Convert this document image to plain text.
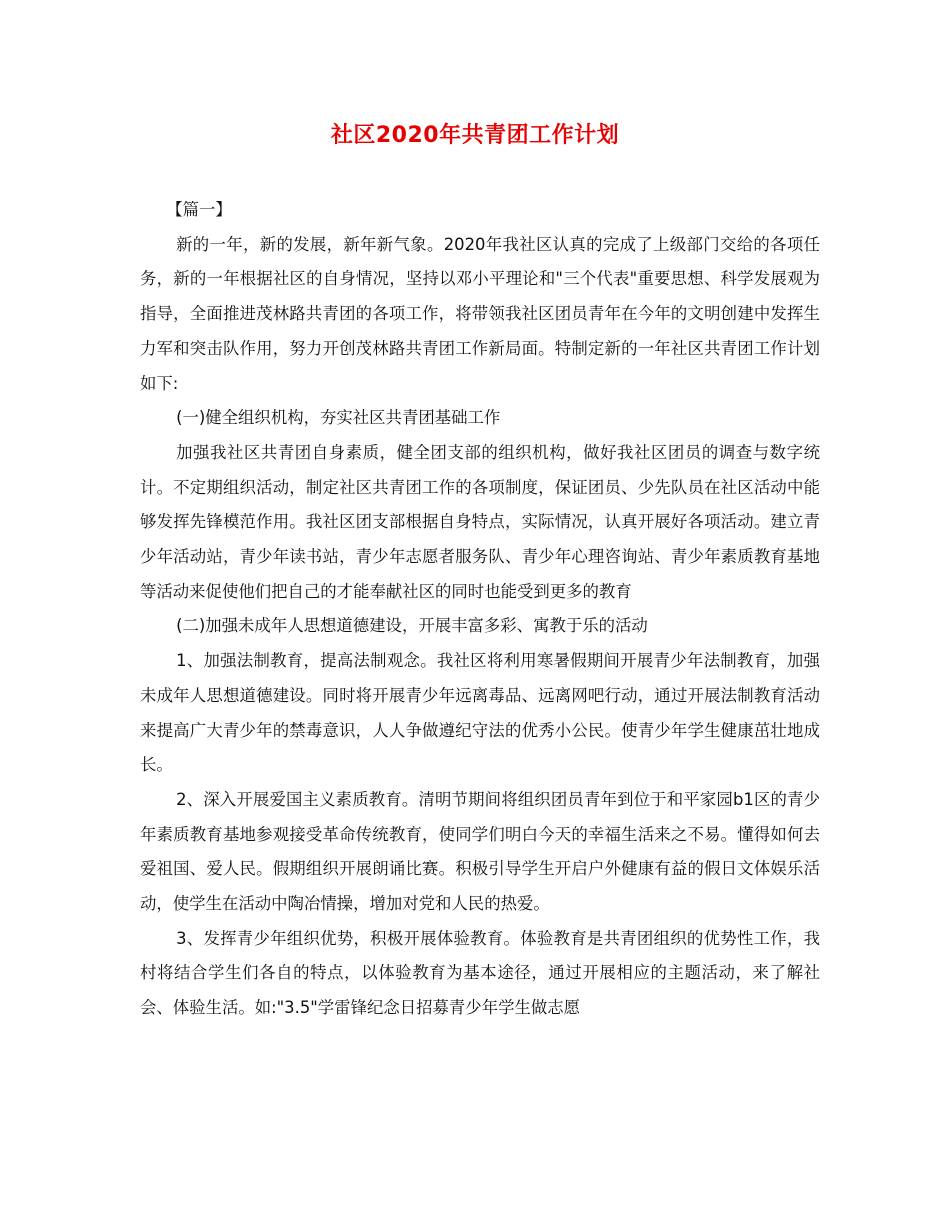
社区2020年共青团工作计划

【篇一】

新的一年，新的发展，新年新气象。2020年我社区认真的完成了上级部门交给的各项任务，新的一年根据社区的自身情况，坚持以邓小平理论和"三个代表"重要思想、科学发展观为指导，全面推进茂林路共青团的各项工作，将带领我社区团员青年在今年的文明创建中发挥生力军和突击队作用，努力开创茂林路共青团工作新局面。特制定新的一年社区共青团工作计划如下:

(一)健全组织机构，夯实社区共青团基础工作

加强我社区共青团自身素质，健全团支部的组织机构，做好我社区团员的调查与数字统计。不定期组织活动，制定社区共青团工作的各项制度，保证团员、少先队员在社区活动中能够发挥先锋模范作用。我社区团支部根据自身特点，实际情况，认真开展好各项活动。建立青少年活动站，青少年读书站，青少年志愿者服务队、青少年心理咨询站、青少年素质教育基地等活动来促使他们把自己的才能奉献社区的同时也能受到更多的教育

(二)加强未成年人思想道德建设，开展丰富多彩、寓教于乐的活动

1、加强法制教育，提高法制观念。我社区将利用寒暑假期间开展青少年法制教育，加强未成年人思想道德建设。同时将开展青少年远离毒品、远离网吧行动，通过开展法制教育活动来提高广大青少年的禁毒意识，人人争做遵纪守法的优秀小公民。使青少年学生健康茁壮地成长。

2、深入开展爱国主义素质教育。清明节期间将组织团员青年到位于和平家园b1区的青少年素质教育基地参观接受革命传统教育，使同学们明白今天的幸福生活来之不易。懂得如何去爱祖国、爱人民。假期组织开展朗诵比赛。积极引导学生开启户外健康有益的假日文体娱乐活动，使学生在活动中陶冶情操，增加对党和人民的热爱。

3、发挥青少年组织优势，积极开展体验教育。体验教育是共青团组织的优势性工作，我村将结合学生们各自的特点，以体验教育为基本途径，通过开展相应的主题活动，来了解社会、体验生活。如:"3.5"学雷锋纪念日招募青少年学生做志愿
